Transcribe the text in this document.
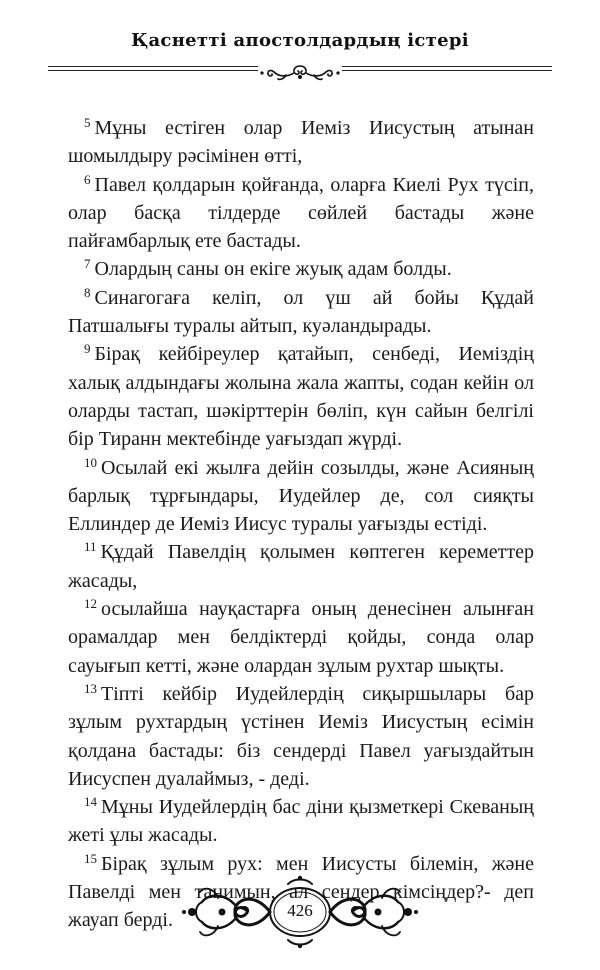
Қаснетті апостолдардың істері

$^5$ Мұны естіген олар Иеміз Иисустың атынан шомылдыру рәсімінен өтті,

$^6$ Павел қолдарын қойғанда, оларға Киелі Рух түсіп, олар басқа тілдерде сөйлей бастады және пайғамбарлық ете бастады.

$^7$ Олардың саны он екіге жуық адам болды.

$^8$ Синагогаға келіп, ол үш ай бойы Құдай Патшалығы туралы айтып, куәландырады.

$^9$ Бірақ кейбіреулер қатайып, сенбеді, Иеміздің халық алдындағы жолына жала жапты, содан кейін ол оларды тастап, шәкірттерін бөліп, күн сайын белгілі бір Тиранн мектебінде уағыздап жүрді.

$^{10}$ Осылай екі жылға дейін созылды, және Асияның барлық тұрғындары, Иудейлер де, сол сияқты Еллиндер де Иеміз Иисус туралы уағызды естіді.

$^{11}$ Құдай Павелдің қолымен көптеген кереметтер жасады,

$^{12}$ осылайша науқастарға оның денесінен алынған орамалдар мен белдіктерді қойды, сонда олар сауығып кетті, және олардан зұлым рухтар шықты.

$^{13}$ Тіпті кейбір Иудейлердің сиқыршылары бар зұлым рухтардың үстінен Иеміз Иисустың есімін қолдана бастады: біз сендерді Павел уағыздайтын Иисуспен дуалаймыз, - деді.

$^{14}$ Мұны Иудейлердің бас діни қызметкері Скеваның жеті ұлы жасады.

$^{15}$ Бірақ зұлым рух: мен Иисусты білемін, және Павелді мен танимын, ал сендер кімсіңдер?- деп жауап берді.	426
